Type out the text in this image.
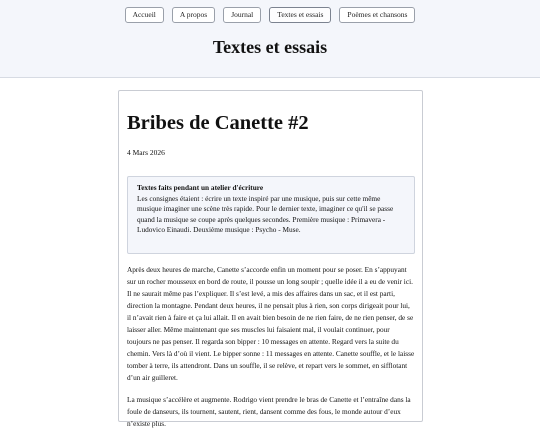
Accueil	A propos	Journal	Textes et essais	Poèmes et chansons
Textes et essais
Bribes de Canette #2
4 Mars 2026
Textes faits pendant un atelier d'écriture
Les consignes étaient : écrire un texte inspiré par une musique, puis sur cette même musique imaginer une scène très rapide. Pour le dernier texte, imaginer ce qu'il se passe quand la musique se coupe après quelques secondes. Première musique : Primavera - Ludovico Einaudi. Deuxième musique : Psycho - Muse.

Après deux heures de marche, Canette s’accorde enfin un moment pour se poser. En s’appuyant sur un rocher mousseux en bord de route, il pousse un long soupir ; quelle idée il a eu de venir ici. Il ne saurait même pas l’expliquer. Il s’est levé, a mis des affaires dans un sac, et il est parti, direction la montagne. Pendant deux heures, il ne pensait plus à rien, son corps dirigeait pour lui, il n’avait rien à faire et ça lui allait. Il en avait bien besoin de ne rien faire, de ne rien penser, de se laisser aller. Même maintenant que ses muscles lui faisaient mal, il voulait continuer, pour toujours ne pas penser. Il regarda son bipper : 10 messages en attente. Regard vers la suite du chemin. Vers là d’où il vient. Le bipper sonne : 11 messages en attente. Canette souffle, et le laisse tomber à terre, ils attendront. Dans un souffle, il se relève, et repart vers le sommet, en sifflotant d’un air guilleret.

La musique s’accélère et augmente. Rodrigo vient prendre le bras de Canette et l’entraîne dans la foule de danseurs, ils tournent, sautent, rient, dansent comme des fous, le monde autour d’eux n’existe plus.
